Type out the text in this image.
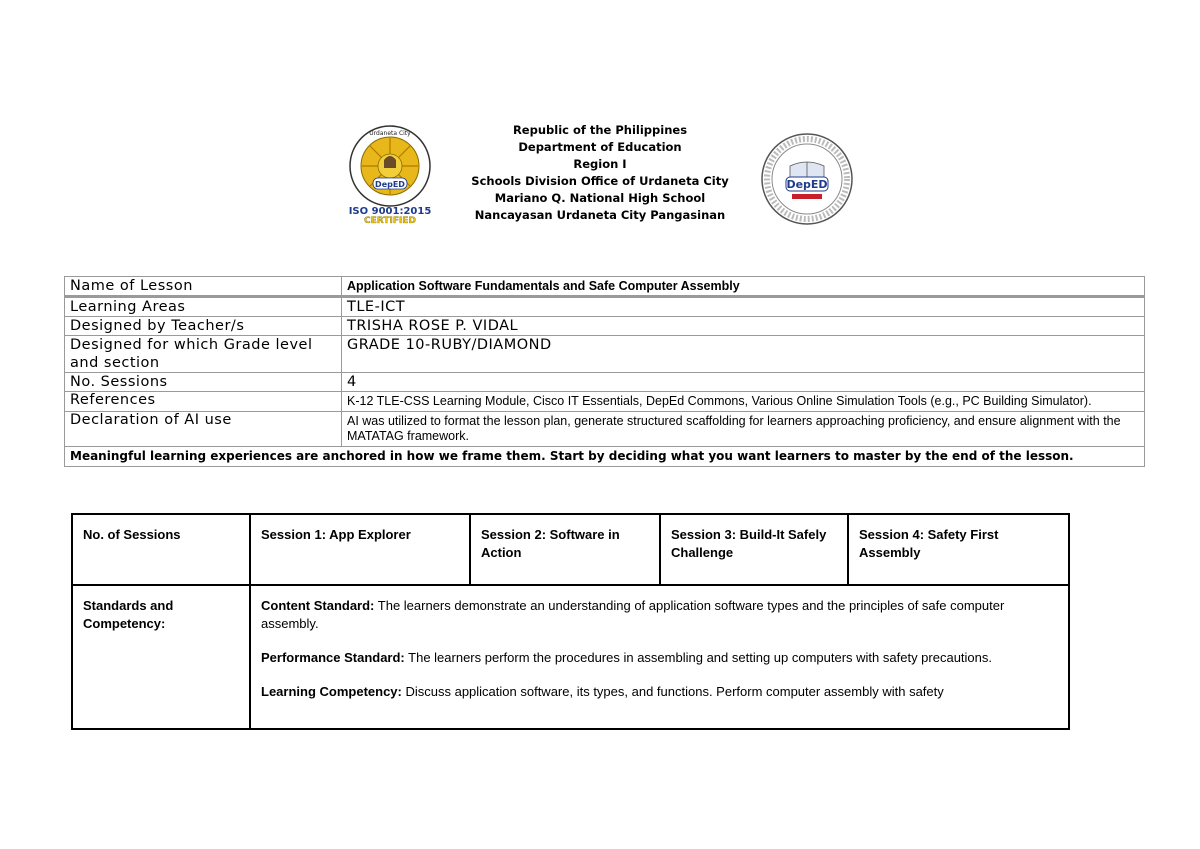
Urdaneta City
DepED
ISO 9001:2015
CERTIFIED
Republic of the Philippines
Department of Education
Region I
Schools Division Office of Urdaneta City
Mariano Q. National High School
Nancayasan Urdaneta City Pangasinan
DepED
Name of Lesson	Application Software Fundamentals and Safe Computer Assembly
Learning Areas	TLE-ICT
Designed by Teacher/s	TRISHA ROSE P. VIDAL
Designed for which Grade level and section	GRADE 10-RUBY/DIAMOND
No. Sessions	4
References	K-12 TLE-CSS Learning Module, Cisco IT Essentials, DepEd Commons, Various Online Simulation Tools (e.g., PC Building Simulator).
Declaration of AI use	AI was utilized to format the lesson plan, generate structured scaffolding for learners approaching proficiency, and ensure alignment with the MATATAG framework.
Meaningful learning experiences are anchored in how we frame them. Start by deciding what you want learners to master by the end of the lesson.	
No. of Sessions	Session 1: App Explorer	Session 2: Software in Action	Session 3: Build-It Safely Challenge	Session 4: Safety First Assembly
Standards and Competency:	Content Standard: The learners demonstrate an understanding of application software types and the principles of safe computer assembly.

Performance Standard: The learners perform the procedures in assembling and setting up computers with safety precautions.

Learning Competency: Discuss application software, its types, and functions. Perform computer assembly with safety			
